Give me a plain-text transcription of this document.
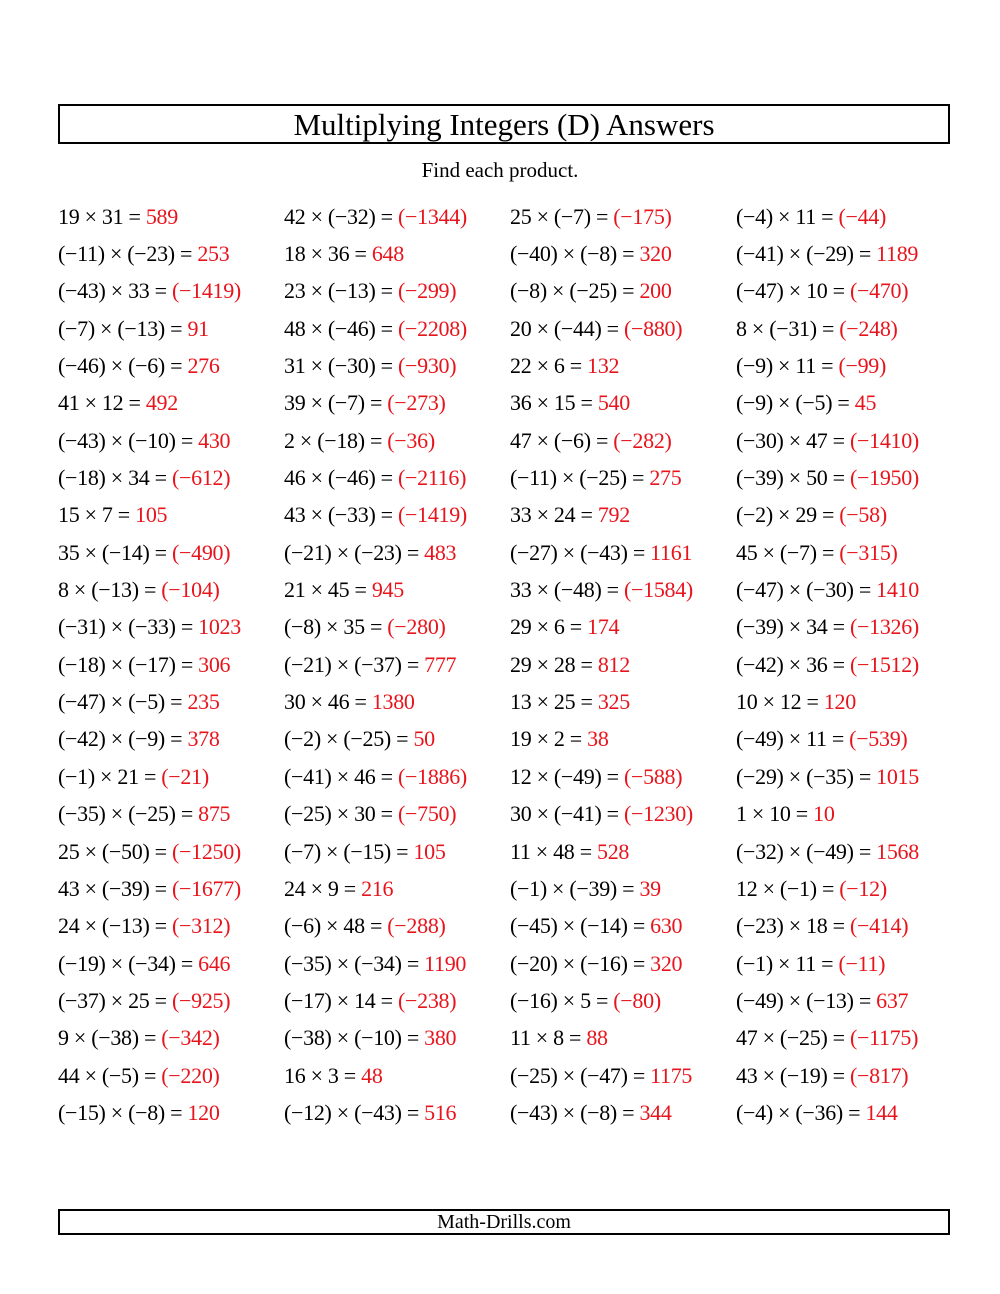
Multiplying Integers (D) Answers
Find each product.
19 × 31 = 589	42 × (−32) = (−1344)	25 × (−7) = (−175)	(−4) × 11 = (−44)
(−11) × (−23) = 253	18 × 36 = 648	(−40) × (−8) = 320	(−41) × (−29) = 1189
(−43) × 33 = (−1419)	23 × (−13) = (−299)	(−8) × (−25) = 200	(−47) × 10 = (−470)
(−7) × (−13) = 91	48 × (−46) = (−2208)	20 × (−44) = (−880)	8 × (−31) = (−248)
(−46) × (−6) = 276	31 × (−30) = (−930)	22 × 6 = 132	(−9) × 11 = (−99)
41 × 12 = 492	39 × (−7) = (−273)	36 × 15 = 540	(−9) × (−5) = 45
(−43) × (−10) = 430	2 × (−18) = (−36)	47 × (−6) = (−282)	(−30) × 47 = (−1410)
(−18) × 34 = (−612)	46 × (−46) = (−2116)	(−11) × (−25) = 275	(−39) × 50 = (−1950)
15 × 7 = 105	43 × (−33) = (−1419)	33 × 24 = 792	(−2) × 29 = (−58)
35 × (−14) = (−490)	(−21) × (−23) = 483	(−27) × (−43) = 1161	45 × (−7) = (−315)
8 × (−13) = (−104)	21 × 45 = 945	33 × (−48) = (−1584)	(−47) × (−30) = 1410
(−31) × (−33) = 1023	(−8) × 35 = (−280)	29 × 6 = 174	(−39) × 34 = (−1326)
(−18) × (−17) = 306	(−21) × (−37) = 777	29 × 28 = 812	(−42) × 36 = (−1512)
(−47) × (−5) = 235	30 × 46 = 1380	13 × 25 = 325	10 × 12 = 120
(−42) × (−9) = 378	(−2) × (−25) = 50	19 × 2 = 38	(−49) × 11 = (−539)
(−1) × 21 = (−21)	(−41) × 46 = (−1886)	12 × (−49) = (−588)	(−29) × (−35) = 1015
(−35) × (−25) = 875	(−25) × 30 = (−750)	30 × (−41) = (−1230)	1 × 10 = 10
25 × (−50) = (−1250)	(−7) × (−15) = 105	11 × 48 = 528	(−32) × (−49) = 1568
43 × (−39) = (−1677)	24 × 9 = 216	(−1) × (−39) = 39	12 × (−1) = (−12)
24 × (−13) = (−312)	(−6) × 48 = (−288)	(−45) × (−14) = 630	(−23) × 18 = (−414)
(−19) × (−34) = 646	(−35) × (−34) = 1190	(−20) × (−16) = 320	(−1) × 11 = (−11)
(−37) × 25 = (−925)	(−17) × 14 = (−238)	(−16) × 5 = (−80)	(−49) × (−13) = 637
9 × (−38) = (−342)	(−38) × (−10) = 380	11 × 8 = 88	47 × (−25) = (−1175)
44 × (−5) = (−220)	16 × 3 = 48	(−25) × (−47) = 1175	43 × (−19) = (−817)
(−15) × (−8) = 120	(−12) × (−43) = 516	(−43) × (−8) = 344	(−4) × (−36) = 144
Math-Drills.com
